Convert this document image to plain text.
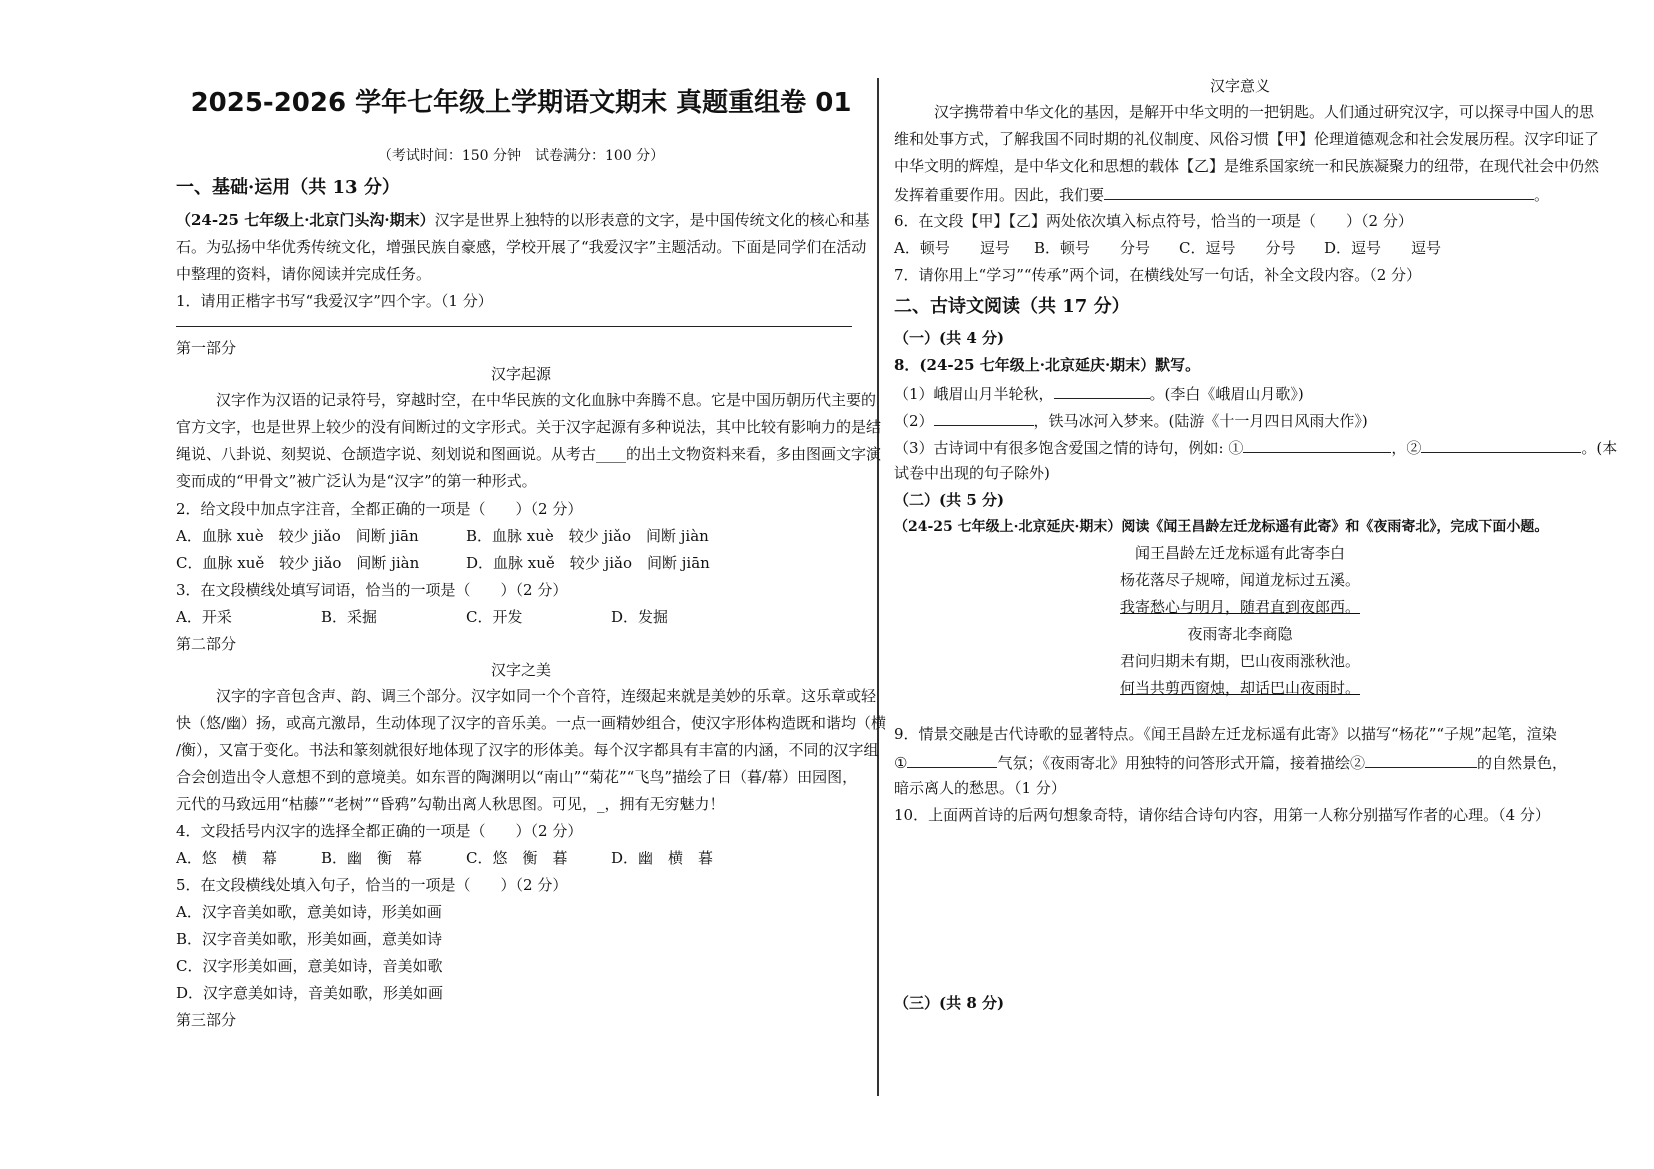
2025-2026 学年七年级上学期语文期末 真题重组卷 01
（考试时间：150 分钟　试卷满分：100 分）
一、基础·运用（共 13 分）
（24-25 七年级上·北京门头沟·期末）汉字是世界上独特的以形表意的文字，是中国传统文化的核心和基
石。为弘扬中华优秀传统文化，增强民族自豪感，学校开展了“我爱汉字”主题活动。下面是同学们在活动
中整理的资料，请你阅读并完成任务。
1．请用正楷字书写“我爱汉字”四个字。（1 分）
第一部分
汉字起源
汉字作为汉语的记录符号，穿越时空，在中华民族的文化血脉中奔腾不息。它是中国历朝历代主要的
官方文字，也是世界上较少的没有间断过的文字形式。关于汉字起源有多种说法，其中比较有影响力的是结
绳说、八卦说、刻契说、仓颉造字说、刻划说和图画说。从考古____的出土文物资料来看，多由图画文字演
变而成的“甲骨文”被广泛认为是“汉字”的第一种形式。
2．给文段中加点字注音，全都正确的一项是（　　）（2 分）
A．血脉 xuè　较少 jiǎo　间断 jiān	B．血脉 xuè　较少 jiǎo　间断 jiàn
C．血脉 xuě　较少 jiǎo　间断 jiàn	D．血脉 xuě　较少 jiǎo　间断 jiān
3．在文段横线处填写词语，恰当的一项是（　　）（2 分）
A．开采	B．采掘	C．开发	D．发掘
第二部分
汉字之美
汉字的字音包含声、韵、调三个部分。汉字如同一个个音符，连缀起来就是美妙的乐章。这乐章或轻
快（悠/幽）扬，或高亢激昂，生动体现了汉字的音乐美。一点一画精妙组合，使汉字形体构造既和谐均（横
/衡），又富于变化。书法和篆刻就很好地体现了汉字的形体美。每个汉字都具有丰富的内涵，不同的汉字组
合会创造出令人意想不到的意境美。如东晋的陶渊明以“南山”“菊花”“飞鸟”描绘了日（暮/幕）田园图，
元代的马致远用“枯藤”“老树”“昏鸦”勾勒出离人秋思图。可见，_，拥有无穷魅力！
4．文段括号内汉字的选择全都正确的一项是（　　）（2 分）
A．悠　横　幕	B．幽　衡　幕	C．悠　衡　暮	D．幽　横　暮
5．在文段横线处填入句子，恰当的一项是（　　）（2 分）
A．汉字音美如歌，意美如诗，形美如画
B．汉字音美如歌，形美如画，意美如诗
C．汉字形美如画，意美如诗，音美如歌
D．汉字意美如诗，音美如歌，形美如画
第三部分
汉字意义
汉字携带着中华文化的基因，是解开中华文明的一把钥匙。人们通过研究汉字，可以探寻中国人的思
维和处事方式，了解我国不同时期的礼仪制度、风俗习惯【甲】伦理道德观念和社会发展历程。汉字印证了
中华文明的辉煌，是中华文化和思想的载体【乙】是维系国家统一和民族凝聚力的纽带，在现代社会中仍然
发挥着重要作用。因此，我们要	。
6．在文段【甲】【乙】两处依次填入标点符号，恰当的一项是（　　）（2 分）
A．顿号　　逗号 B．顿号　　分号 C．逗号　　分号 D．逗号　　逗号
7．请你用上“学习”“传承”两个词，在横线处写一句话，补全文段内容。（2 分）
二、古诗文阅读（共 17 分）
（一）(共 4 分)
8．(24-25 七年级上·北京延庆·期末）默写。
（1）峨眉山月半轮秋，	。(李白《峨眉山月歌》)
（2）	，铁马冰河入梦来。(陆游《十一月四日风雨大作》)
（3）古诗词中有很多饱含爱国之情的诗句，例如: ①	，②	。(本
试卷中出现的句子除外)
（二）(共 5 分)
（24-25 七年级上·北京延庆·期末）阅读《闻王昌龄左迁龙标遥有此寄》和《夜雨寄北》，完成下面小题。
闻王昌龄左迁龙标遥有此寄李白
杨花落尽子规啼，闻道龙标过五溪。
我寄愁心与明月，随君直到夜郎西。
夜雨寄北李商隐
君问归期未有期，巴山夜雨涨秋池。
何当共剪西窗烛，却话巴山夜雨时。
9．情景交融是古代诗歌的显著特点。《闻王昌龄左迁龙标遥有此寄》以描写“杨花”“子规”起笔，渲染
①	气氛；《夜雨寄北》用独特的问答形式开篇，接着描绘②	的自然景色，
暗示离人的愁思。（1 分）
10．上面两首诗的后两句想象奇特，请你结合诗句内容，用第一人称分别描写作者的心理。（4 分）
（三）(共 8 分)
